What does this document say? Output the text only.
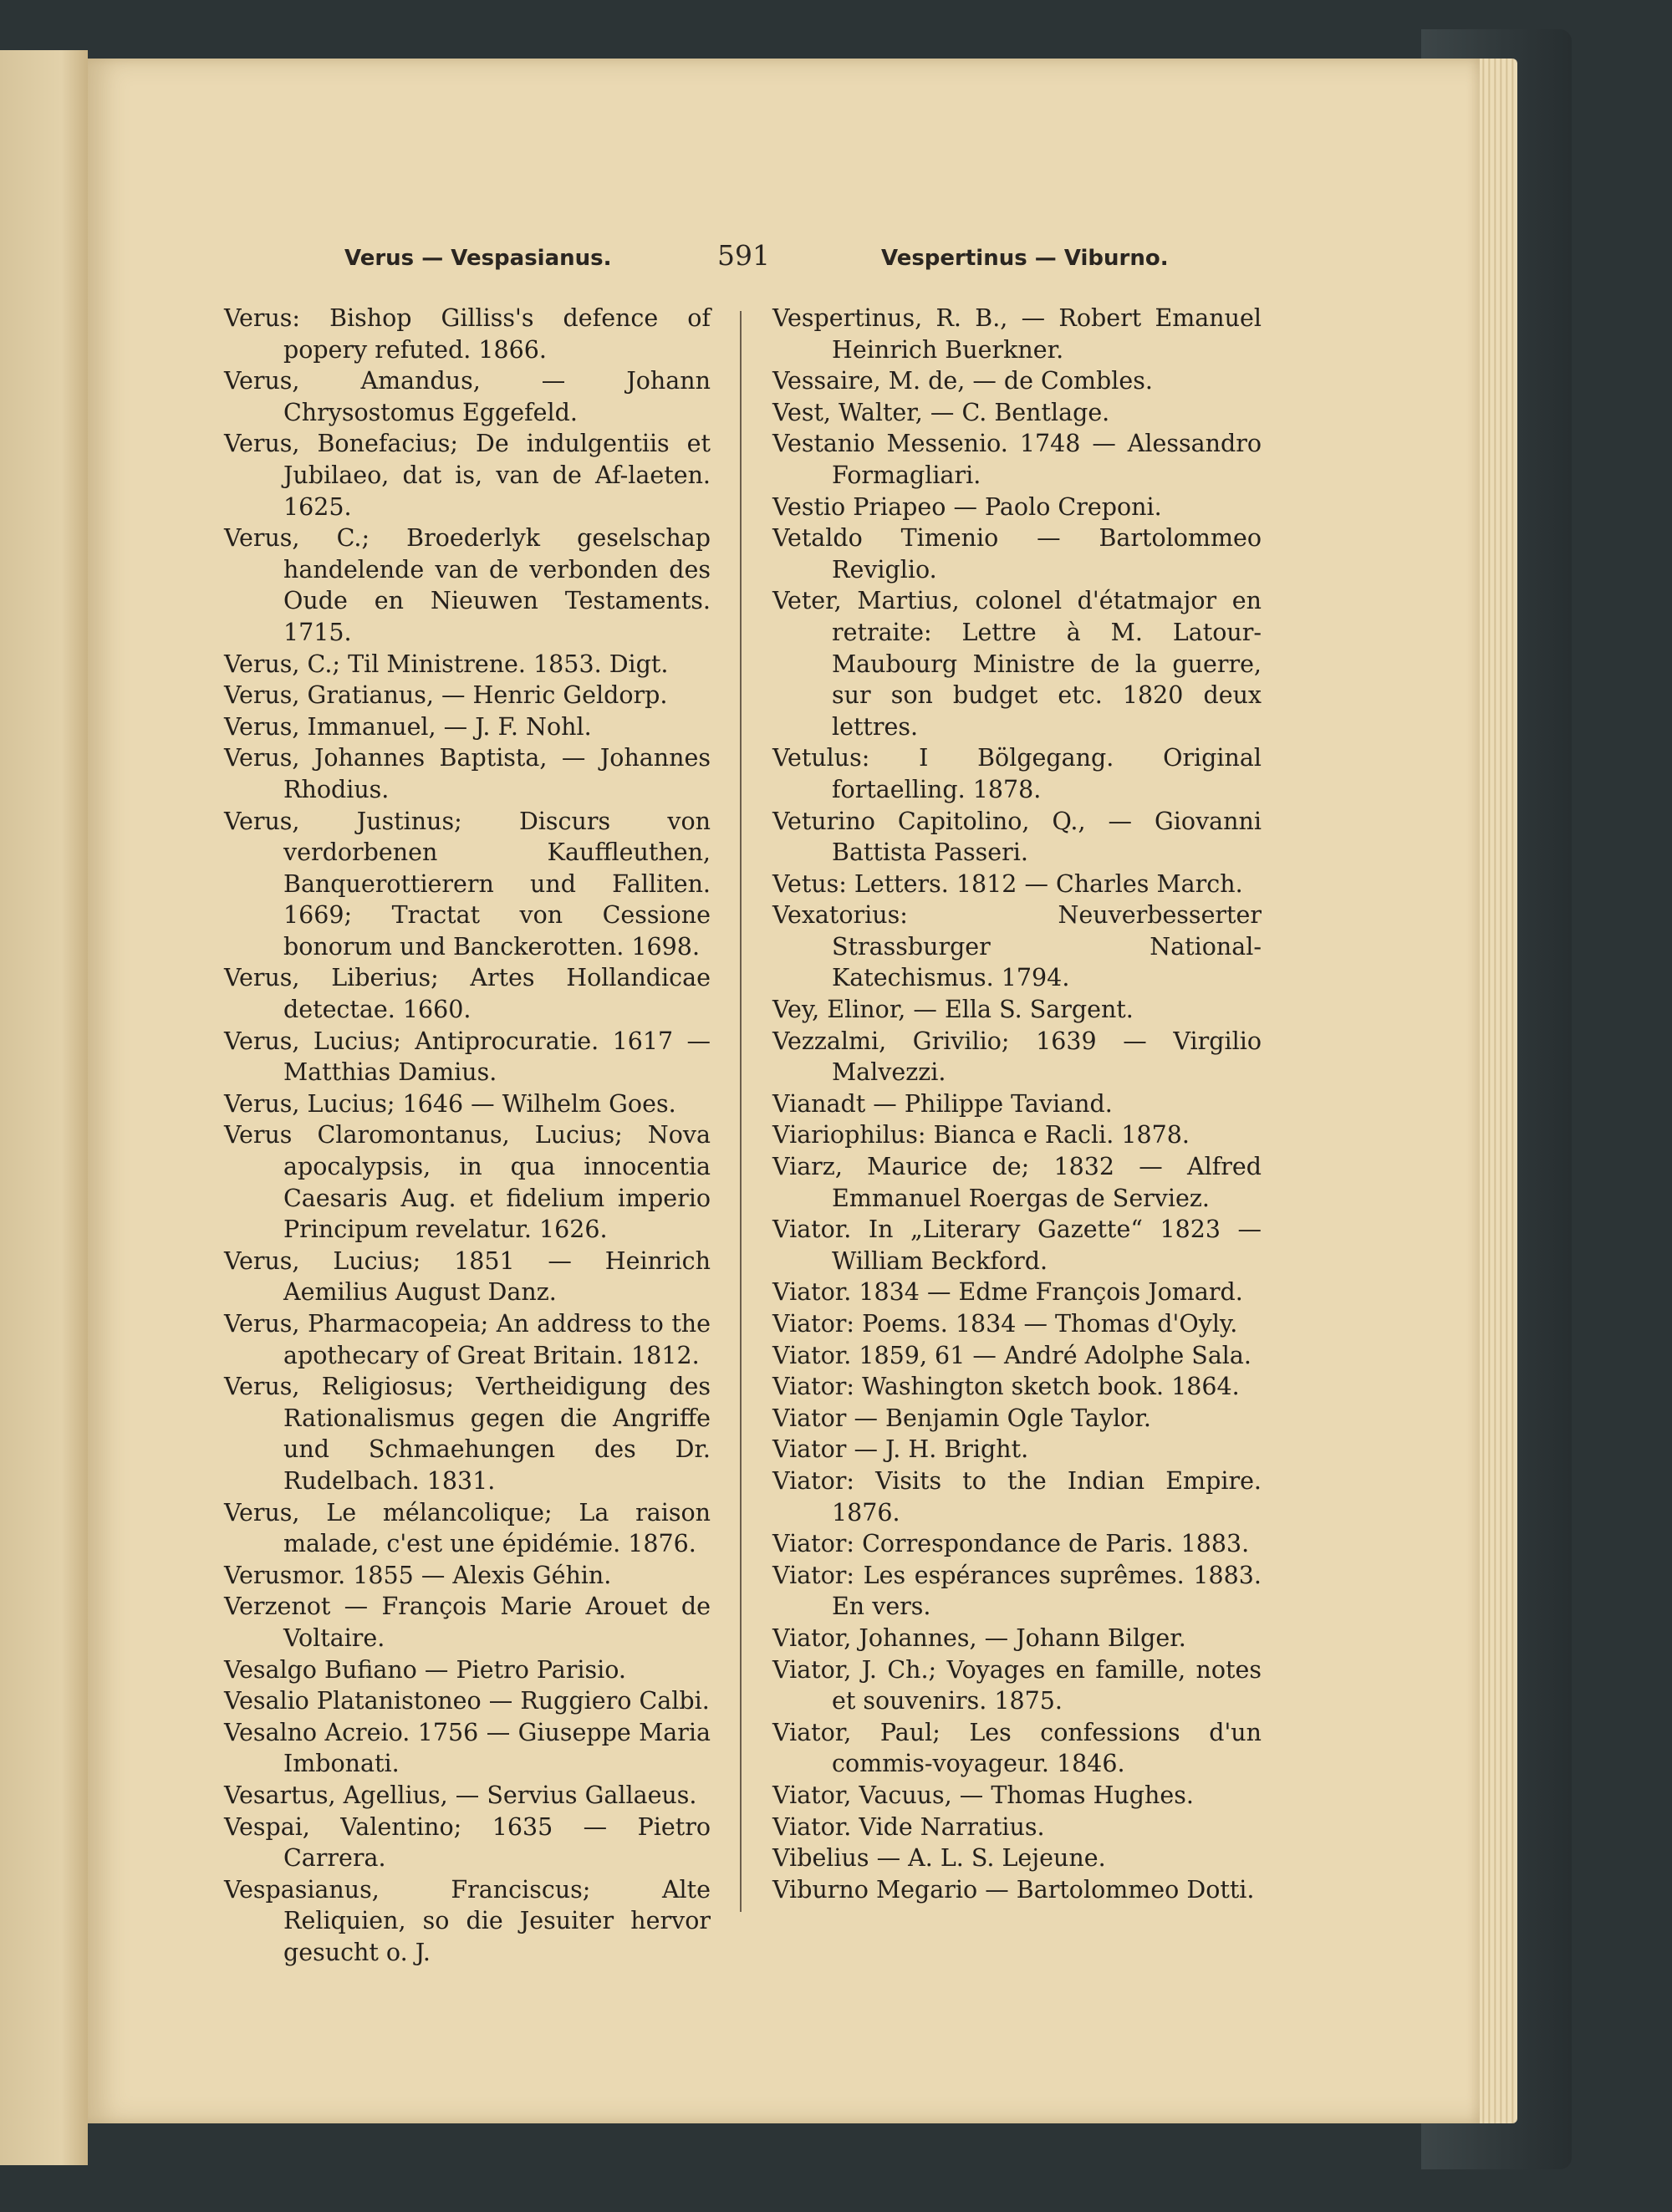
Verus — Vespasianus.	591	Vespertinus — Viburno.

Verus: Bishop Gilliss's defence of popery refuted. 1866.

Verus, Amandus, — Johann Chrysostomus Eggefeld.

Verus, Bonefacius; De indulgentiis et Jubilaeo, dat is, van de Af-laeten. 1625.

Verus, C.; Broederlyk geselschap handelende van de verbonden des Oude en Nieuwen Testaments. 1715.

Verus, C.; Til Ministrene. 1853. Digt.

Verus, Gratianus, — Henric Geldorp.

Verus, Immanuel, — J. F. Nohl.

Verus, Johannes Baptista, — Johannes Rhodius.

Verus, Justinus; Discurs von verdorbenen Kauffleuthen, Banquerottierern und Falliten. 1669; Tractat von Cessione bonorum und Banckerotten. 1698.

Verus, Liberius; Artes Hollandicae detectae. 1660.

Verus, Lucius; Antiprocuratie. 1617 — Matthias Damius.

Verus, Lucius; 1646 — Wilhelm Goes.

Verus Claromontanus, Lucius; Nova apocalypsis, in qua innocentia Caesaris Aug. et fidelium imperio Principum revelatur. 1626.

Verus, Lucius; 1851 — Heinrich Aemilius August Danz.

Verus, Pharmacopeia; An address to the apothecary of Great Britain. 1812.

Verus, Religiosus; Vertheidigung des Rationalismus gegen die Angriffe und Schmaehungen des Dr. Rudelbach. 1831.

Verus, Le mélancolique; La raison malade, c'est une épidémie. 1876.

Verusmor. 1855 — Alexis Géhin.

Verzenot — François Marie Arouet de Voltaire.

Vesalgo Bufiano — Pietro Parisio.

Vesalio Platanistoneo — Ruggiero Calbi.

Vesalno Acreio. 1756 — Giuseppe Maria Imbonati.

Vesartus, Agellius, — Servius Gallaeus.

Vespai, Valentino; 1635 — Pietro Carrera.

Vespasianus, Franciscus; Alte Reliquien, so die Jesuiter hervor gesucht o. J.

Vespertinus, R. B., — Robert Emanuel Heinrich Buerkner.

Vessaire, M. de, — de Combles.

Vest, Walter, — C. Bentlage.

Vestanio Messenio. 1748 — Alessandro Formagliari.

Vestio Priapeo — Paolo Creponi.

Vetaldo Timenio — Bartolommeo Reviglio.

Veter, Martius, colonel d'étatmajor en retraite: Lettre à M. Latour-Maubourg Ministre de la guerre, sur son budget etc. 1820 deux lettres.

Vetulus: I Bölgegang. Original fortaelling. 1878.

Veturino Capitolino, Q., — Giovanni Battista Passeri.

Vetus: Letters. 1812 — Charles March.

Vexatorius: Neuverbesserter Strassburger National-Katechismus. 1794.

Vey, Elinor, — Ella S. Sargent.

Vezzalmi, Grivilio; 1639 — Virgilio Malvezzi.

Vianadt — Philippe Taviand.

Viariophilus: Bianca e Racli. 1878.

Viarz, Maurice de; 1832 — Alfred Emmanuel Roergas de Serviez.

Viator. In „Literary Gazette“ 1823 — William Beckford.

Viator. 1834 — Edme François Jomard.

Viator: Poems. 1834 — Thomas d'Oyly.

Viator. 1859, 61 — André Adolphe Sala.

Viator: Washington sketch book. 1864.

Viator — Benjamin Ogle Taylor.

Viator — J. H. Bright.

Viator: Visits to the Indian Empire. 1876.

Viator: Correspondance de Paris. 1883.

Viator: Les espérances suprêmes. 1883. En vers.

Viator, Johannes, — Johann Bilger.

Viator, J. Ch.; Voyages en famille, notes et souvenirs. 1875.

Viator, Paul; Les confessions d'un commis-voyageur. 1846.

Viator, Vacuus, — Thomas Hughes.

Viator. Vide Narratius.

Vibelius — A. L. S. Lejeune.

Viburno Megario — Bartolommeo Dotti.
